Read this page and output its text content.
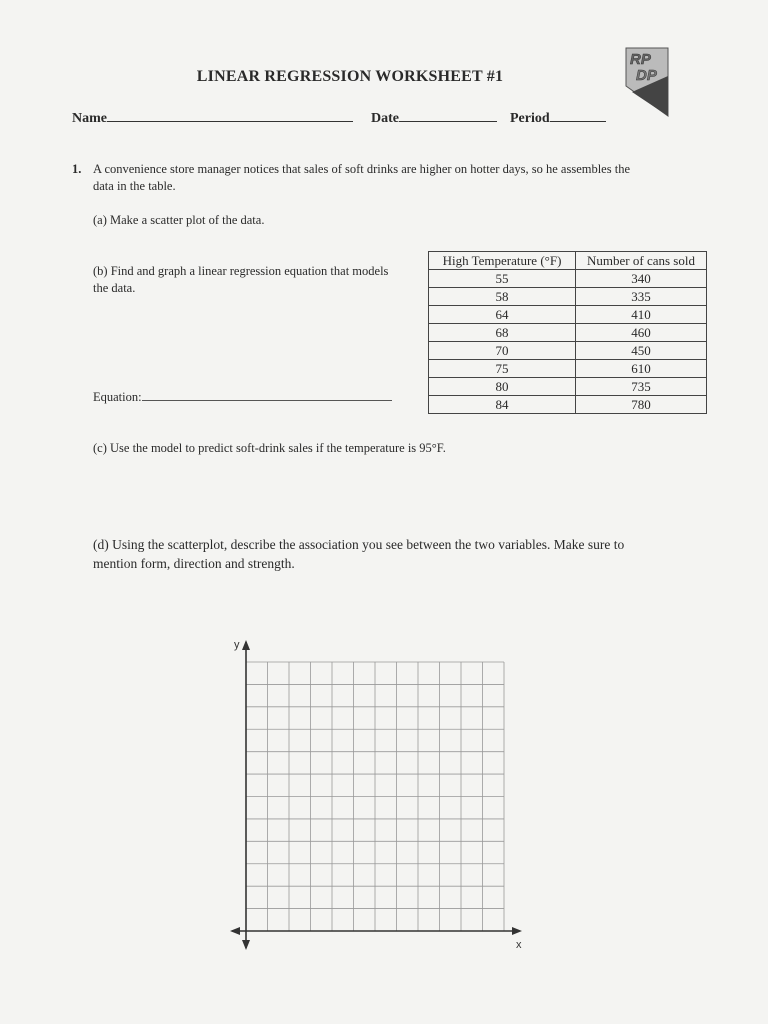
LINEAR REGRESSION WORKSHEET #1
RP
DP
Name	Date	Period
1. A convenience store manager notices that sales of soft drinks are higher on hotter days, so he assembles the
data in the table.
(a) Make a scatter plot of the data.
(b) Find and graph a linear regression equation that models
the data.
Equation:
High Temperature (°F)	Number of cans sold
55	340
58	335
64	410
68	460
70	450
75	610
80	735
84	780
(c) Use the model to predict soft-drink sales if the temperature is 95°F.
(d) Using the scatterplot, describe the association you see between the two variables. Make sure to
mention form, direction and strength.
y
x
